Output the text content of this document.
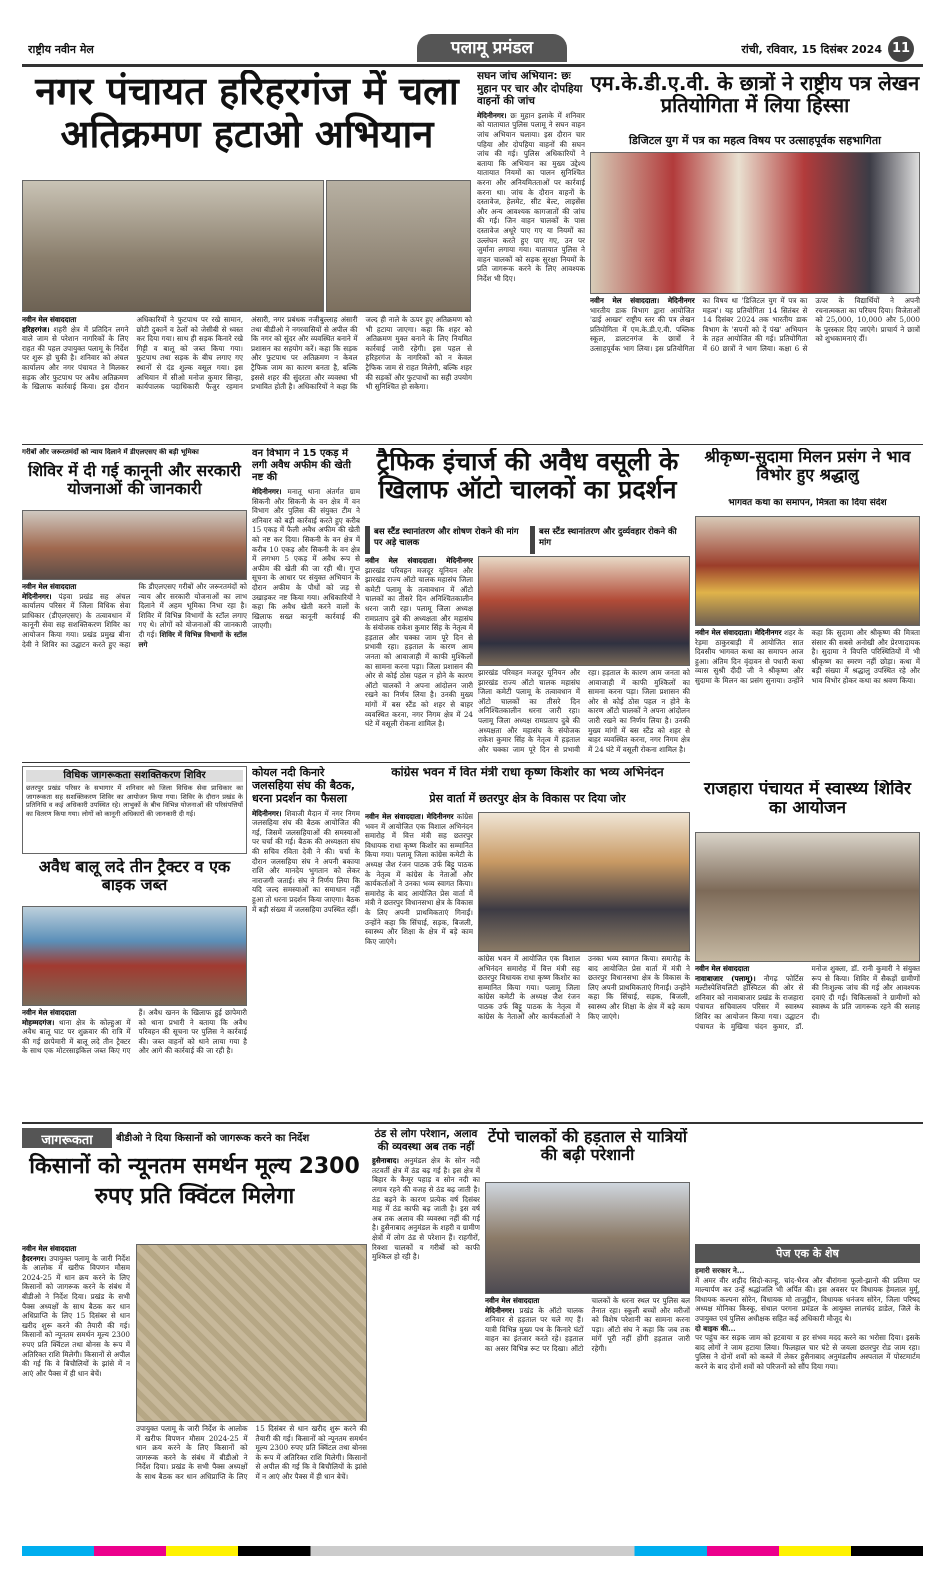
राष्ट्रीय नवीन मेल	पलामू प्रमंडल	रांची, रविवार, 15 दिसंबर 2024 11
नगर पंचायत हरिहरगंज में चला अतिक्रमण हटाओ अभियान
नवीन मेल संवाददाता
हरिहरगंज। शहरी क्षेत्र में प्रतिदिन लगने वाले जाम से परेशान नागरिकों के लिए राहत की पहल उपायुक्त पलामू के निर्देश पर शुरू हो चुकी है। शनिवार को अंचल कार्यालय और नगर पंचायत ने मिलकर सड़क और फुटपाथ पर अवैध अतिक्रमण के खिलाफ कार्रवाई किया। इस दौरान अधिकारियों ने फुटपाथ पर रखे सामान, छोटी दुकानें व ठेलों को जेसीबी से ध्वस्त कर दिया गया। साथ ही सड़क किनारे रखे गिट्टी व बालू को जब्त किया गया। फुटपाथ तथा सड़क के बीच लगाए गए स्थानों से दंड शुल्क वसूल गया। इस अभियान में सीओ मनोज कुमार सिन्हा, कार्यपालक पदाधिकारी फैजुर रहमान अंसारी, नगर प्रबंधक नजीबुल्लाह अंसारी तथा बीडीओ ने नगरवासियों से अपील की कि नगर को सुंदर और व्यवस्थित बनाने में प्रशासन का सहयोग करें। कहा कि सड़क और फुटपाथ पर अतिक्रमण न केवल ट्रैफिक जाम का कारण बनता है, बल्कि इससे शहर की सुंदरता और व्यवस्था भी प्रभावित होती है। अधिकारियों ने कहा कि जल्द ही नाले के ऊपर हुए अतिक्रमण को भी हटाया जाएगा। कहा कि शहर को अतिक्रमण मुक्त बनाने के लिए नियमित कार्रवाई जारी रहेगी। इस पहल से हरिहरगंज के नागरिकों को न केवल ट्रैफिक जाम से राहत मिलेगी, बल्कि शहर की सड़कों और फुटपाथों का सही उपयोग भी सुनिश्चित हो सकेगा।
सघन जांच अभियान: छः मुहान पर चार और दोपहिया वाहनों की जांच
मेदिनीनगर। छः मुहान इलाके में शनिवार को यातायात पुलिस पलामू ने सघन वाहन जांच अभियान चलाया। इस दौरान चार पहिया और दोपहिया वाहनों की सघन जांच की गई। पुलिस अधिकारियों ने बताया कि अभियान का मुख्य उद्देश्य यातायात नियमों का पालन सुनिश्चित करना और अनियमितताओं पर कार्रवाई करना था। जांच के दौरान वाहनों के दस्तावेज, हेलमेट, सीट बेल्ट, लाइसेंस और अन्य आवश्यक कागजातों की जांच की गई। जिन वाहन चालकों के पास दस्तावेज अधूरे पाए गए या नियमों का उल्लंघन करते हुए पाए गए, उन पर जुर्माना लगाया गया। यातायात पुलिस ने वाहन चालकों को सड़क सुरक्षा नियमों के प्रति जागरूक करने के लिए आवश्यक निर्देश भी दिए।
एम.के.डी.ए.वी. के छात्रों ने राष्ट्रीय पत्र लेखन प्रतियोगिता में लिया हिस्सा
डिजिटल युग में पत्र का महत्व विषय पर उत्साहपूर्वक सहभागिता
नवीन मेल संवाददाता। मेदिनीनगर भारतीय डाक विभाग द्वारा आयोजित 'ढाई आखर' राष्ट्रीय स्तर की पत्र लेखन प्रतियोगिता में एम.के.डी.ए.वी. पब्लिक स्कूल, डालटनगंज के छात्रों ने उत्साहपूर्वक भाग लिया। इस प्रतियोगिता का विषय था 'डिजिटल युग में पत्र का महत्व'। यह प्रतियोगिता 14 सितंबर से 14 दिसंबर 2024 तक भारतीय डाक विभाग के 'सपनों को दें पंख' अभियान के तहत आयोजित की गई। प्रतियोगिता में 60 छात्रों ने भाग लिया। कक्षा 6 से ऊपर के विद्यार्थियों ने अपनी रचनात्मकता का परिचय दिया। विजेताओं को 25,000, 10,000 और 5,000 के पुरस्कार दिए जाएंगे। प्राचार्य ने छात्रों को शुभकामनाएं दीं।
गरीबों और जरूरतमंदों को न्याय दिलाने में डीएलएसए की बड़ी भूमिका
शिविर में दी गई कानूनी और सरकारी योजनाओं की जानकारी
नवीन मेल संवाददाता
मेदिनीनगर। पंड़वा प्रखंड सह अंचल कार्यालय परिसर में जिला विधिक सेवा प्राधिकार (डीएलएसए) के तत्वावधान में कानूनी सेवा सह सशक्तिकरण शिविर का आयोजन किया गया। प्रखंड प्रमुख बीना देवी ने शिविर का उद्घाटन करते हुए कहा कि डीएलएसए गरीबों और जरूरतमंदों को न्याय और सरकारी योजनाओं का लाभ दिलाने में अहम भूमिका निभा रहा है। शिविर में विभिन्न विभागों के स्टॉल लगाए गए थे। लोगों को योजनाओं की जानकारी दी गई। शिविर में विभिन्न विभागों के स्टॉल लगे
वन विभाग ने 15 एकड़ में लगी अवैध अफीम की खेती नष्ट की
मेदिनीनगर। मनातू थाना अंतर्गत ग्राम सिकनी और सिकनी के वन क्षेत्र में वन विभाग और पुलिस की संयुक्त टीम ने शनिवार को बड़ी कार्रवाई करते हुए करीब 15 एकड़ में फैली अवैध अफीम की खेती को नष्ट कर दिया। सिकनी के वन क्षेत्र में करीब 10 एकड़ और सिकनी के वन क्षेत्र में लगभग 5 एकड़ में अवैध रूप से अफीम की खेती की जा रही थी। गुप्त सूचना के आधार पर संयुक्त अभियान के दौरान अफीम के पौधों को जड़ से उखाड़कर नष्ट किया गया। अधिकारियों ने कहा कि अवैध खेती करने वालों के खिलाफ सख्त कानूनी कार्रवाई की जाएगी।
ट्रैफिक इंचार्ज की अवैध वसूली के खिलाफ ऑटो चालकों का प्रदर्शन
बस स्टैंड स्थानांतरण और शोषण रोकने की मांग पर अड़े चालक
बस स्टैंड स्थानांतरण और दुर्व्यवहार रोकने की मांग
नवीन मेल संवाददाता। मेदिनीनगर झारखंड परिवहन मजदूर यूनियन और झारखंड राज्य ऑटो चालक महासंघ जिला कमेटी पलामू के तत्वावधान में ऑटो चालकों का तीसरे दिन अनिश्चितकालीन धरना जारी रहा। पलामू जिला अध्यक्ष रामप्रताप दुबे की अध्यक्षता और महासंघ के संयोजक राकेश कुमार सिंह के नेतृत्व में हड़ताल और चक्का जाम पूरे दिन से प्रभावी रहा। हड़ताल के कारण आम जनता को आवाजाही में काफी मुश्किलों का सामना करना पड़ा। जिला प्रशासन की ओर से कोई ठोस पहल न होने के कारण ऑटो चालकों ने अपना आंदोलन जारी रखने का निर्णय लिया है। उनकी मुख्य मांगों में बस स्टैंड को शहर से बाहर व्यवस्थित करना, नगर निगम क्षेत्र में 24 घंटे में वसूली रोकना शामिल है।
झारखंड परिवहन मजदूर यूनियन और झारखंड राज्य ऑटो चालक महासंघ जिला कमेटी पलामू के तत्वावधान में ऑटो चालकों का तीसरे दिन अनिश्चितकालीन धरना जारी रहा। पलामू जिला अध्यक्ष रामप्रताप दुबे की अध्यक्षता और महासंघ के संयोजक राकेश कुमार सिंह के नेतृत्व में हड़ताल और चक्का जाम पूरे दिन से प्रभावी रहा। हड़ताल के कारण आम जनता को आवाजाही में काफी मुश्किलों का सामना करना पड़ा। जिला प्रशासन की ओर से कोई ठोस पहल न होने के कारण ऑटो चालकों ने अपना आंदोलन जारी रखने का निर्णय लिया है। उनकी मुख्य मांगों में बस स्टैंड को शहर से बाहर व्यवस्थित करना, नगर निगम क्षेत्र में 24 घंटे में वसूली रोकना शामिल है।
श्रीकृष्ण-सुदामा मिलन प्रसंग ने भाव विभोर हुए श्रद्धालु
भागवत कथा का समापन, मित्रता का दिया संदेश
नवीन मेल संवाददाता। मेदिनीनगर शहर के रेड़मा ठाकुरबाड़ी में आयोजित सात दिवसीय भागवत कथा का समापन आज हुआ। अंतिम दिन वृंदावन से पधारी कथा व्यास सुश्री दीदी जी ने श्रीकृष्ण और सुदामा के मिलन का प्रसंग सुनाया। उन्होंने कहा कि सुदामा और श्रीकृष्ण की मित्रता संसार की सबसे अनोखी और प्रेरणादायक है। सुदामा ने विपत्ति परिस्थितियों में भी श्रीकृष्ण का स्मरण नहीं छोड़ा। कथा में बड़ी संख्या में श्रद्धालु उपस्थित रहे और भाव विभोर होकर कथा का श्रवण किया।
विधिक जागरूकता सशक्तिकरण शिविर
छतरपुर प्रखंड परिसर के सभागार में शनिवार को जिला विधिक सेवा प्राधिकार का जागरूकता सह सशक्तिकरण शिविर का आयोजन किया गया। शिविर के दौरान प्रखंड के प्रतिनिधि व कई अधिकारी उपस्थित रहे। लाभुकों के बीच विभिन्न योजनाओं की परिसंपत्तियों का वितरण किया गया। लोगों को कानूनी अधिकारों की जानकारी दी गई।
अवैध बालू लदे तीन ट्रैक्टर व एक बाइक जब्त
नवीन मेल संवाददाता
मोहम्मदगंज। थाना क्षेत्र के कोल्हुआ में अवैध बालू घाट पर शुक्रवार की रात्रि में की गई छापेमारी में बालू लदे तीन ट्रैक्टर के साथ एक मोटरसाइकिल जब्त किए गए हैं। अवैध खनन के खिलाफ हुई छापेमारी को थाना प्रभारी ने बताया कि अवैध परिवहन की सूचना पर पुलिस ने कार्रवाई की। जब्त वाहनों को थाने लाया गया है और आगे की कार्रवाई की जा रही है।
कोयल नदी किनारे जलसहिया संघ की बैठक, धरना प्रदर्शन का फैसला
मेदिनीनगर। शिवाजी मैदान में नगर निगम जलसहिया संघ की बैठक आयोजित की गई, जिसमें जलसहियाओं की समस्याओं पर चर्चा की गई। बैठक की अध्यक्षता संघ की सचिव रविता देवी ने की। चर्चा के दौरान जलसहिया संघ ने अपनी बकाया राशि और मानदेय भुगतान को लेकर नाराजगी जताई। संघ ने निर्णय लिया कि यदि जल्द समस्याओं का समाधान नहीं हुआ तो धरना प्रदर्शन किया जाएगा। बैठक में बड़ी संख्या में जलसहिया उपस्थित रहीं।
कांग्रेस भवन में वित मंत्री राधा कृष्ण किशोर का भव्य अभिनंदन
प्रेस वार्ता में छतरपुर क्षेत्र के विकास पर दिया जोर
नवीन मेल संवाददाता। मेदिनीनगर कांग्रेस भवन में आयोजित एक विशाल अभिनंदन समारोह में वित्त मंत्री सह छतरपुर विधायक राधा कृष्ण किशोर का सम्मानित किया गया। पलामू जिला कांग्रेस कमेटी के अध्यक्ष जैश रंजन पाठक उर्फ बिट्टू पाठक के नेतृत्व में कांग्रेस के नेताओं और कार्यकर्ताओं ने उनका भव्य स्वागत किया। समारोह के बाद आयोजित प्रेस वार्ता में मंत्री ने छतरपुर विधानसभा क्षेत्र के विकास के लिए अपनी प्राथमिकताएं गिनाईं। उन्होंने कहा कि सिंचाई, सड़क, बिजली, स्वास्थ्य और शिक्षा के क्षेत्र में बड़े काम किए जाएंगे।
कांग्रेस भवन में आयोजित एक विशाल अभिनंदन समारोह में वित्त मंत्री सह छतरपुर विधायक राधा कृष्ण किशोर का सम्मानित किया गया। पलामू जिला कांग्रेस कमेटी के अध्यक्ष जैश रंजन पाठक उर्फ बिट्टू पाठक के नेतृत्व में कांग्रेस के नेताओं और कार्यकर्ताओं ने उनका भव्य स्वागत किया। समारोह के बाद आयोजित प्रेस वार्ता में मंत्री ने छतरपुर विधानसभा क्षेत्र के विकास के लिए अपनी प्राथमिकताएं गिनाईं। उन्होंने कहा कि सिंचाई, सड़क, बिजली, स्वास्थ्य और शिक्षा के क्षेत्र में बड़े काम किए जाएंगे।
राजहारा पंचायत में स्वास्थ्य शिविर का आयोजन
नवीन मेल संवाददाता
नावाबाजार (पलामू)। नौगढ़ फोर्टिस मल्टीस्पेशियलिटी हॉस्पिटल की ओर से शनिवार को नावाबाजार प्रखंड के राजहारा पंचायत सचिवालय परिसर में स्वास्थ्य शिविर का आयोजन किया गया। उद्घाटन पंचायत के मुखिया चंदन कुमार, डॉ. मनोज शुक्ला, डॉ. रानी कुमारी ने संयुक्त रूप से किया। शिविर में सैकड़ों ग्रामीणों की निःशुल्क जांच की गई और आवश्यक दवाएं दी गईं। चिकित्सकों ने ग्रामीणों को स्वास्थ्य के प्रति जागरूक रहने की सलाह दी।
जागरूकता	बीडीओ ने दिया किसानों को जागरूक करने का निर्देश
किसानों को न्यूनतम समर्थन मूल्य 2300 रुपए प्रति क्विंटल मिलेगा
नवीन मेल संवाददाता
हैदरनगर। उपायुक्त पलामू के जारी निर्देश के आलोक में खरीफ विपणन मौसम 2024-25 में धान क्रय करने के लिए किसानों को जागरूक करने के संबंध में बीडीओ ने निर्देश दिया। प्रखंड के सभी पैक्स अध्यक्षों के साथ बैठक कर धान अधिप्राप्ति के लिए 15 दिसंबर से धान खरीद शुरू करने की तैयारी की गई। किसानों को न्यूनतम समर्थन मूल्य 2300 रुपए प्रति क्विंटल तथा बोनस के रूप में अतिरिक्त राशि मिलेगी। किसानों से अपील की गई कि वे बिचौलियों के झांसे में न आएं और पैक्स में ही धान बेचें।
उपायुक्त पलामू के जारी निर्देश के आलोक में खरीफ विपणन मौसम 2024-25 में धान क्रय करने के लिए किसानों को जागरूक करने के संबंध में बीडीओ ने निर्देश दिया। प्रखंड के सभी पैक्स अध्यक्षों के साथ बैठक कर धान अधिप्राप्ति के लिए 15 दिसंबर से धान खरीद शुरू करने की तैयारी की गई। किसानों को न्यूनतम समर्थन मूल्य 2300 रुपए प्रति क्विंटल तथा बोनस के रूप में अतिरिक्त राशि मिलेगी। किसानों से अपील की गई कि वे बिचौलियों के झांसे में न आएं और पैक्स में ही धान बेचें।
ठंड से लोग परेशान, अलाव की व्यवस्था अब तक नहीं
हुसैनाबाद। अनुमंडल क्षेत्र के सोन नदी तटवर्ती क्षेत्र में ठंड बढ़ गई है। इस क्षेत्र में बिहार के कैमूर पहाड़ व सोन नदी का लगाव रहने की वजह से ठंड बढ़ जाती है। ठंड बढ़ने के कारण प्रत्येक वर्ष दिसंबर माह में ठंड काफी बढ़ जाती है। इस वर्ष अब तक अलाव की व्यवस्था नहीं की गई है। हुसैनाबाद अनुमंडल के शहरी व ग्रामीण क्षेत्रों में लोग ठंड से परेशान हैं। राहगीरों, रिक्शा चालकों व गरीबों को काफी मुश्किल हो रही है।
टेंपो चालकों की हड़ताल से यात्रियों की बढ़ी परेशानी
नवीन मेल संवाददाता
मेदिनीनगर। प्रखंड के ऑटो चालक शनिवार से हड़ताल पर चले गए हैं। यात्री विभिन्न मुख्य पथ के किनारे घंटों वाहन का इंतजार करते रहे। हड़ताल का असर विभिन्न रूट पर दिखा। ऑटो चालकों के धरना स्थल पर पुलिस बल तैनात रहा। स्कूली बच्चों और मरीजों को विशेष परेशानी का सामना करना पड़ा। ऑटो संघ ने कहा कि जब तक मांगें पूरी नहीं होंगी हड़ताल जारी रहेगी।
पेज एक के शेष
हमारी सरकार ने...
में अमर वीर शहीद सिदो-कान्हू, चांद-भैरव और बीरांगना फूलो-झानो की प्रतिमा पर माल्यार्पण कर उन्हें श्रद्धांजलि भी अर्पित की। इस अवसर पर विधायक हेमलाल मुर्मू, विधायक कल्पना सोरेन, विधायक मो ताजुद्दीन, विधायक धनंजय सोरेन, जिला परिषद अध्यक्ष मोनिका किस्कू, संथाल परगना प्रमंडल के आयुक्त लालचंद डाडेल, जिले के उपायुक्त एवं पुलिस अधीक्षक सहित कई अधिकारी मौजूद थे।
दो बाइक की...
पर पहुंच कर सड़क जाम को हटवाया व हर संभव मदद करने का भरोसा दिया। इसके बाद लोगों ने जाम हटाया लिया। फिलहाल चार घंटे से जयला छतरपुर रोड जाम रहा। पुलिस ने दोनों शवों को कब्जे में लेकर हुसैनाबाद अनुमंडलीय अस्पताल में पोस्टमार्टम करने के बाद दोनों शवों को परिजनों को सौंप दिया गया।
